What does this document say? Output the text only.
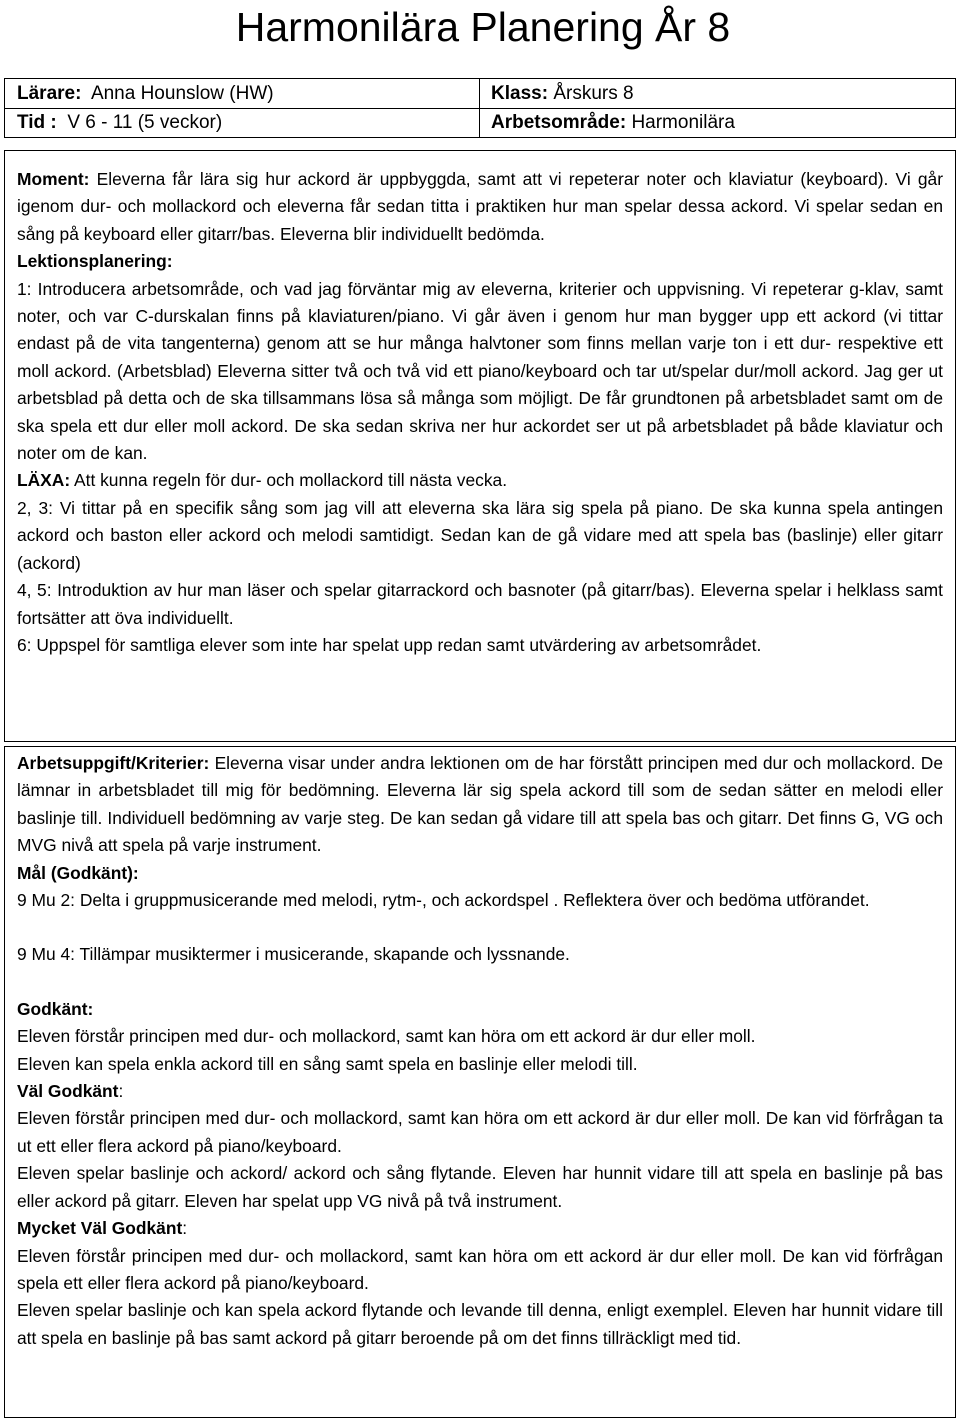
Harmonilära Planering År 8
Lärare: Anna Hounslow (HW)	Klass: Årskurs 8
Tid : V 6 - 11 (5 veckor)	Arbetsområde: Harmonilära

Moment: Eleverna får lära sig hur ackord är uppbyggda, samt att vi repeterar noter och klaviatur (keyboard). Vi går igenom dur- och mollackord och eleverna får sedan titta i praktiken hur man spelar dessa ackord. Vi spelar sedan en sång på keyboard eller gitarr/bas. Eleverna blir individuellt bedömda.

Lektionsplanering:

1: Introducera arbetsområde, och vad jag förväntar mig av eleverna, kriterier och uppvisning. Vi repeterar g-klav, samt noter, och var C-durskalan finns på klaviaturen/piano. Vi går även i genom hur man bygger upp ett ackord (vi tittar endast på de vita tangenterna) genom att se hur många halvtoner som finns mellan varje ton i ett dur- respektive ett moll ackord. (Arbetsblad) Eleverna sitter två och två vid ett piano/keyboard och tar ut/spelar dur/moll ackord. Jag ger ut arbetsblad på detta och de ska tillsammans lösa så många som möjligt. De får grundtonen på arbetsbladet samt om de ska spela ett dur eller moll ackord. De ska sedan skriva ner hur ackordet ser ut på arbetsbladet på både klaviatur och noter om de kan.

LÄXA: Att kunna regeln för dur- och mollackord till nästa vecka.

2, 3: Vi tittar på en specifik sång som jag vill att eleverna ska lära sig spela på piano. De ska kunna spela antingen ackord och baston eller ackord och melodi samtidigt. Sedan kan de gå vidare med att spela bas (baslinje) eller gitarr (ackord)

4, 5: Introduktion av hur man läser och spelar gitarrackord och basnoter (på gitarr/bas). Eleverna spelar i helklass samt fortsätter att öva individuellt.

6: Uppspel för samtliga elever som inte har spelat upp redan samt utvärdering av arbetsområdet.

Arbetsuppgift/Kriterier: Eleverna visar under andra lektionen om de har förstått principen med dur och mollackord. De lämnar in arbetsbladet till mig för bedömning. Eleverna lär sig spela ackord till som de sedan sätter en melodi eller baslinje till. Individuell bedömning av varje steg. De kan sedan gå vidare till att spela bas och gitarr. Det finns G, VG och MVG nivå att spela på varje instrument.

Mål (Godkänt):

9 Mu 2: Delta i gruppmusicerande med melodi, rytm-, och ackordspel . Reflektera över och bedöma utförandet.

9 Mu 4: Tillämpar musiktermer i musicerande, skapande och lyssnande.

Godkänt:

Eleven förstår principen med dur- och mollackord, samt kan höra om ett ackord är dur eller moll.

Eleven kan spela enkla ackord till en sång samt spela en baslinje eller melodi till.

Väl Godkänt:

Eleven förstår principen med dur- och mollackord, samt kan höra om ett ackord är dur eller moll. De kan vid förfrågan ta ut ett eller flera ackord på piano/keyboard.

Eleven spelar baslinje och ackord/ ackord och sång flytande. Eleven har hunnit vidare till att spela en baslinje på bas eller ackord på gitarr. Eleven har spelat upp VG nivå på två instrument.

Mycket Väl Godkänt:

Eleven förstår principen med dur- och mollackord, samt kan höra om ett ackord är dur eller moll. De kan vid förfrågan spela ett eller flera ackord på piano/keyboard.

Eleven spelar baslinje och kan spela ackord flytande och levande till denna, enligt exemplel. Eleven har hunnit vidare till att spela en baslinje på bas samt ackord på gitarr beroende på om det finns tillräckligt med tid.
